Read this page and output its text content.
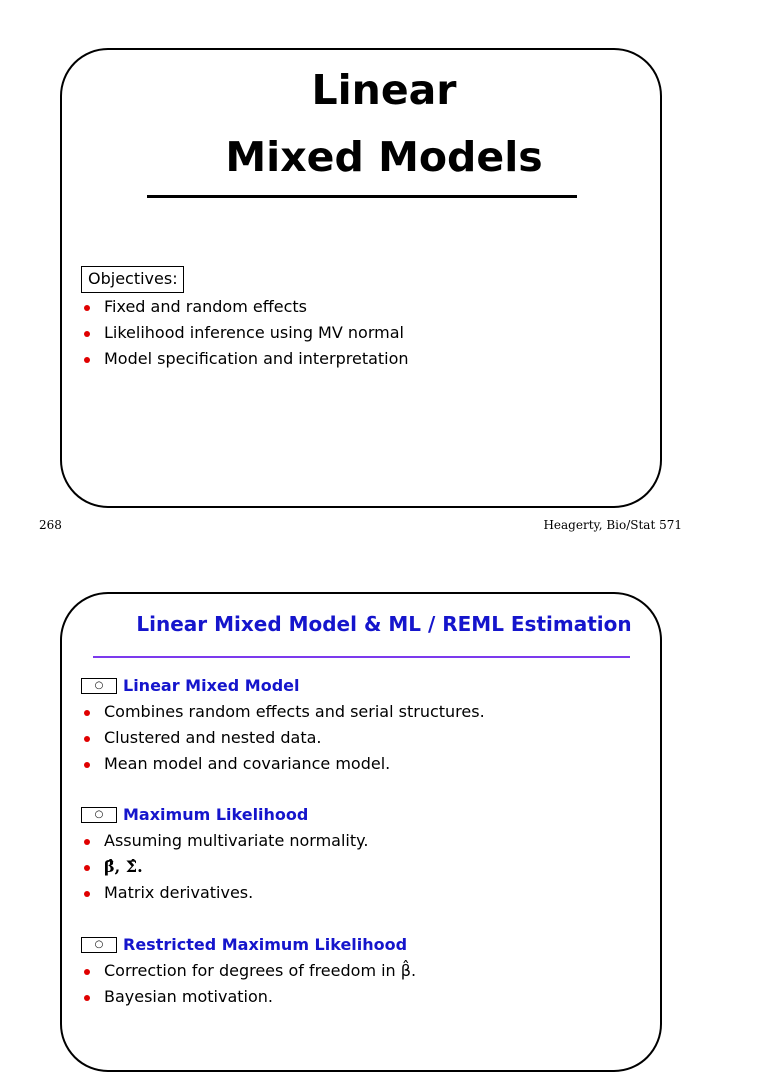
Linear
Mixed Models
Objectives:
Fixed and random effects
Likelihood inference using MV normal
Model specification and interpretation
268	Heagerty, Bio/Stat 571
Linear Mixed Model & ML / REML Estimation
○	Linear Mixed Model
Combines random effects and serial structures.
Clustered and nested data.
Mean model and covariance model.
○	Maximum Likelihood
Assuming multivariate normality.
β̂, Σ̂.
Matrix derivatives.
○	Restricted Maximum Likelihood
Correction for degrees of freedom in β̂.
Bayesian motivation.
